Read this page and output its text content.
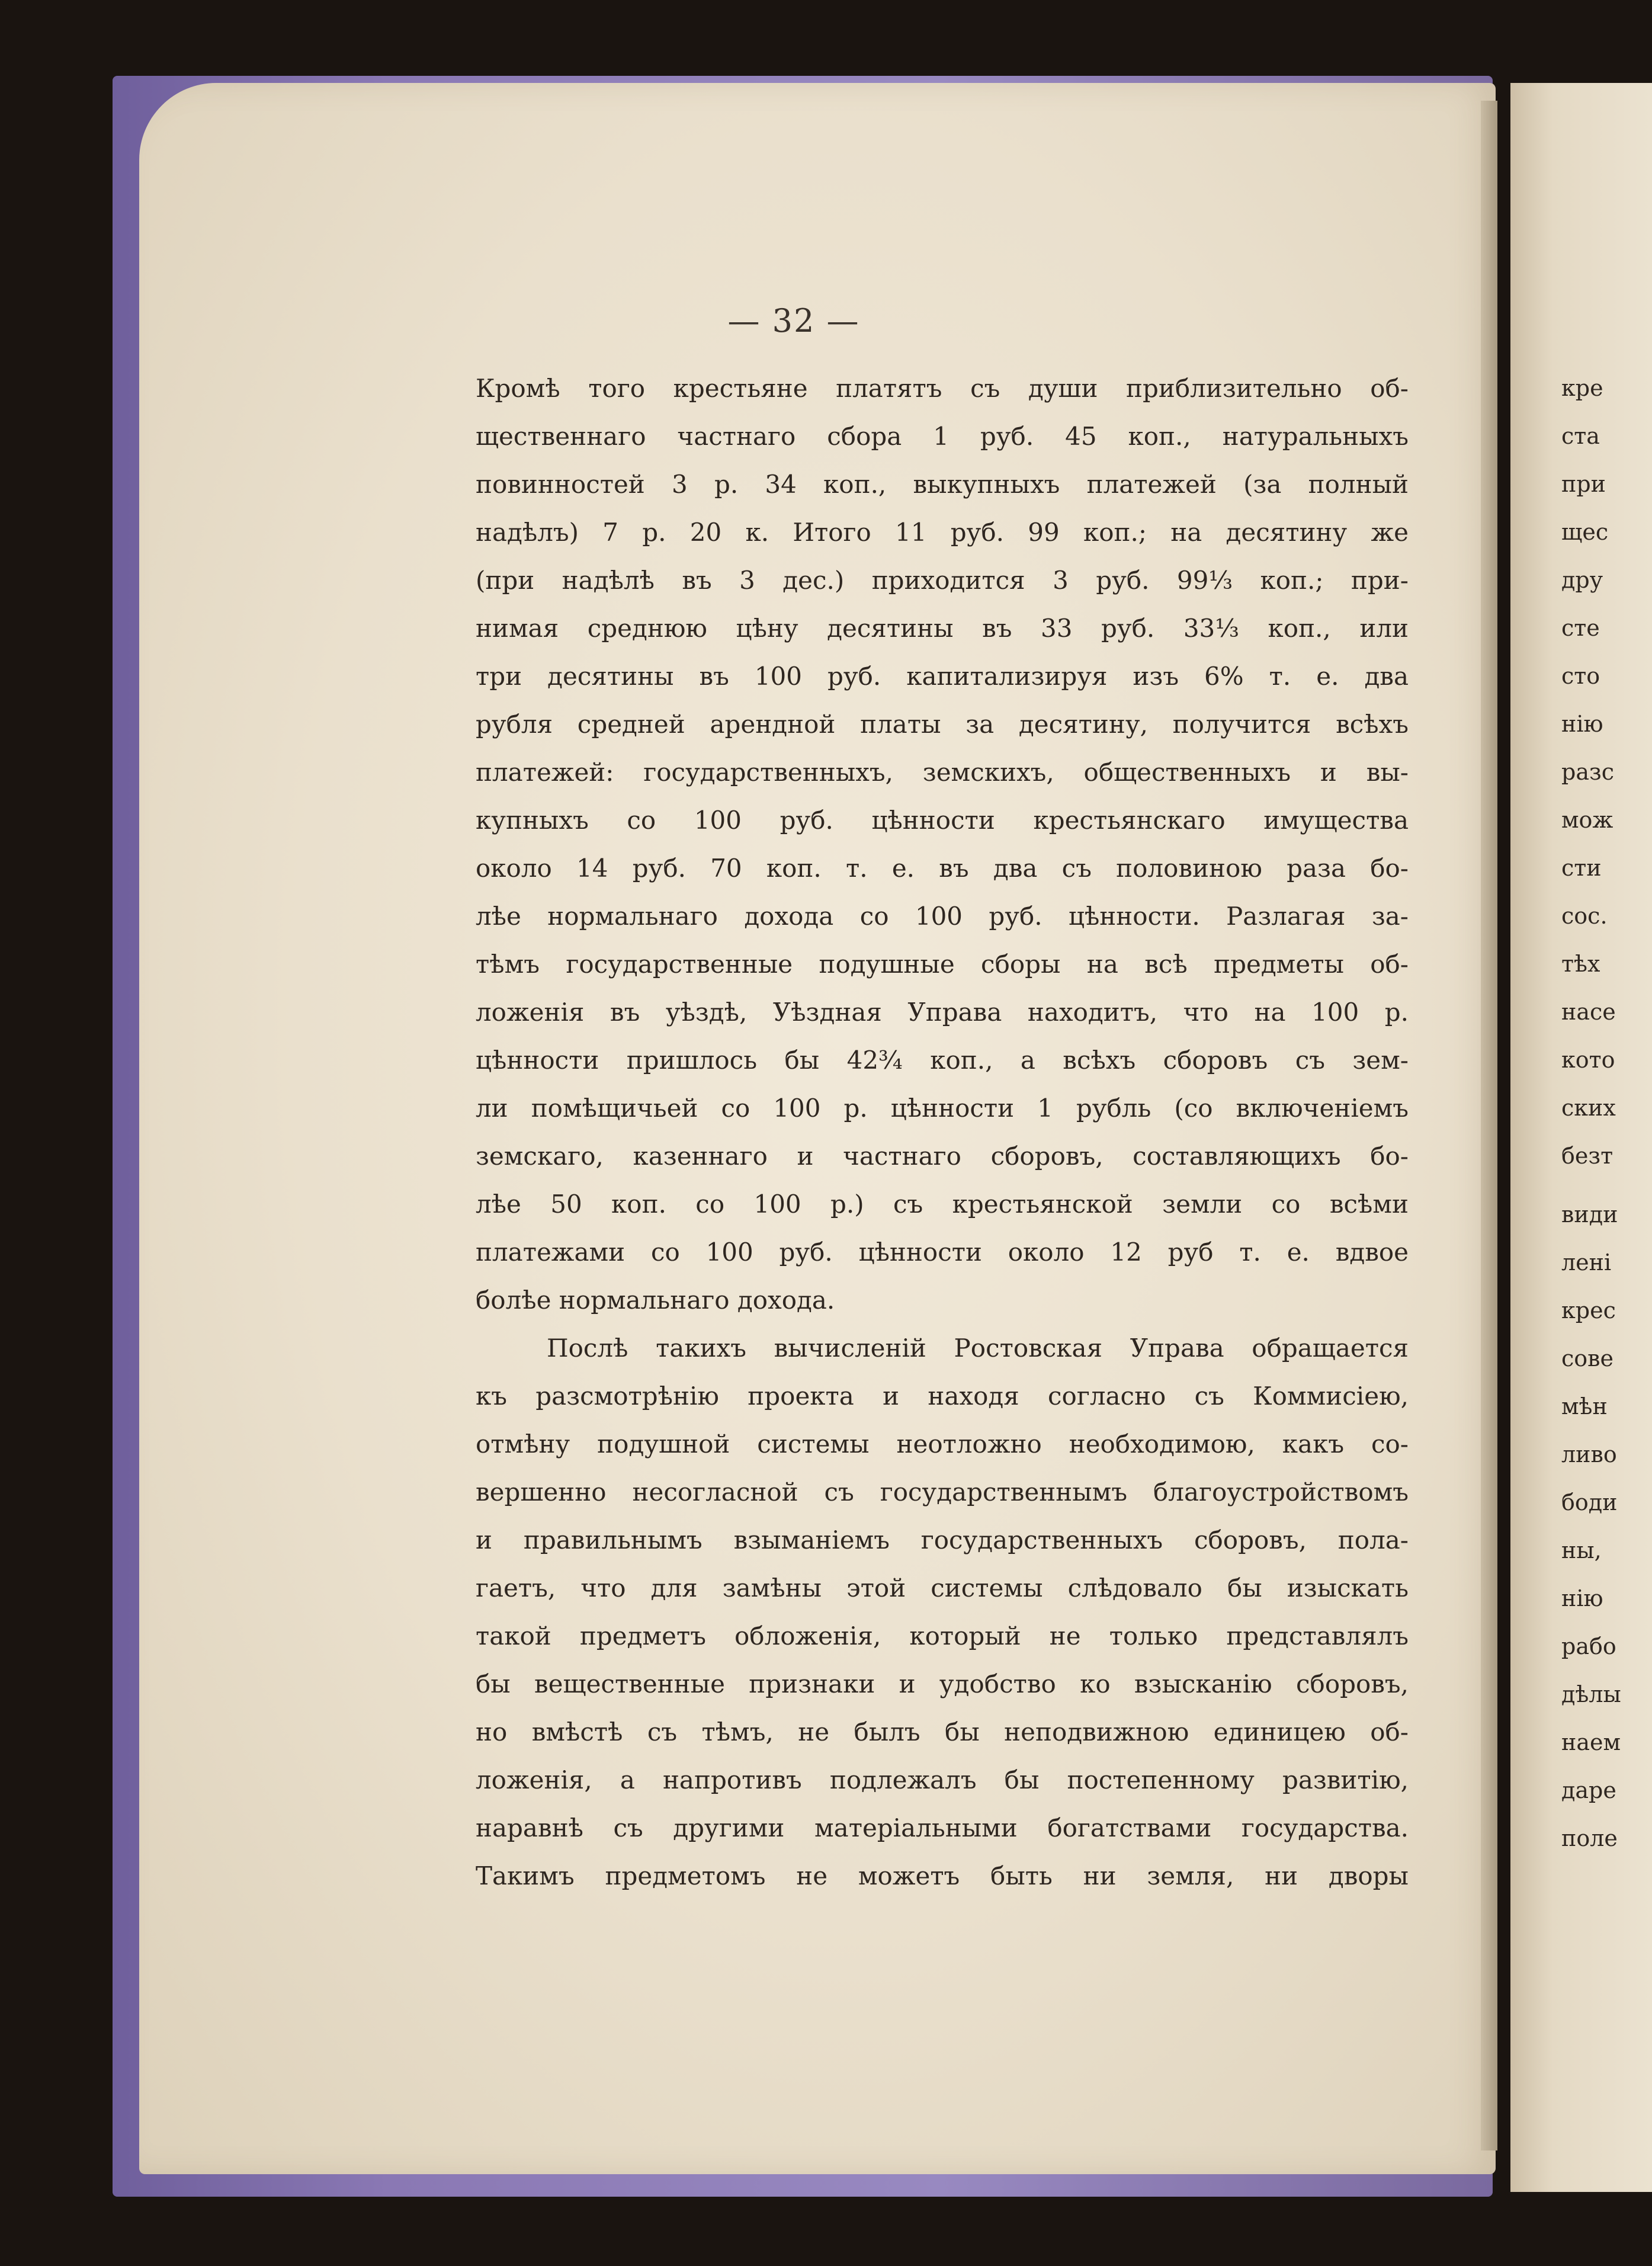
— 32 —
Кромѣ того крестьяне платятъ съ души приблизительно об-
щественнаго частнаго сбора 1 руб. 45 коп., натуральныхъ
повинностей 3 р. 34 коп., выкупныхъ платежей (за полный
надѣлъ) 7 р. 20 к. Итого 11 руб. 99 коп.; на десятину же
(при надѣлѣ въ 3 дес.) приходится 3 руб. 99⅓ коп.; при-
нимая среднюю цѣну десятины въ 33 руб. 33⅓ коп., или
три десятины въ 100 руб. капитализируя изъ 6% т. е. два
рубля средней арендной платы за десятину, получится всѣхъ
платежей: государственныхъ, земскихъ, общественныхъ и вы-
купныхъ со 100 руб. цѣнности крестьянскаго имущества
около 14 руб. 70 коп. т. е. въ два съ половиною раза бо-
лѣе нормальнаго дохода со 100 руб. цѣнности. Разлагая за-
тѣмъ государственные подушные сборы на всѣ предметы об-
ложенія въ уѣздѣ, Уѣздная Управа находитъ, что на 100 р.
цѣнности пришлось бы 42¾ коп., а всѣхъ сборовъ съ зем-
ли помѣщичьей со 100 р. цѣнности 1 рубль (со включеніемъ
земскаго, казеннаго и частнаго сборовъ, составляющихъ бо-
лѣе 50 коп. со 100 р.) съ крестьянской земли со всѣми
платежами со 100 руб. цѣнности около 12 руб т. е. вдвое
болѣе нормальнаго дохода.
Послѣ такихъ вычисленій Ростовская Управа обращается
къ разсмотрѣнію проекта и находя согласно съ Коммисіею,
отмѣну подушной системы неотложно необходимою, какъ со-
вершенно несогласной съ государственнымъ благоустройствомъ
и правильнымъ взыманіемъ государственныхъ сборовъ, пола-
гаетъ, что для замѣны этой системы слѣдовало бы изыскать
такой предметъ обложенія, который не только представлялъ
бы вещественные признаки и удобство ко взысканію сборовъ,
но вмѣстѣ съ тѣмъ, не былъ бы неподвижною единицею об-
ложенія, а напротивъ подлежалъ бы постепенному развитію,
наравнѣ съ другими матеріальными богатствами государства.
Такимъ предметомъ не можетъ быть ни земля, ни дворы
кре
ста
при
щес
дру
сте
сто
нію
разс
мож
сти
сос.
тѣх
насе
кото
ских
безт
види
лені
крес
сове
мѣн
ливо
боди
ны,
нію
рабо
дѣлы
наем
даре
поле
